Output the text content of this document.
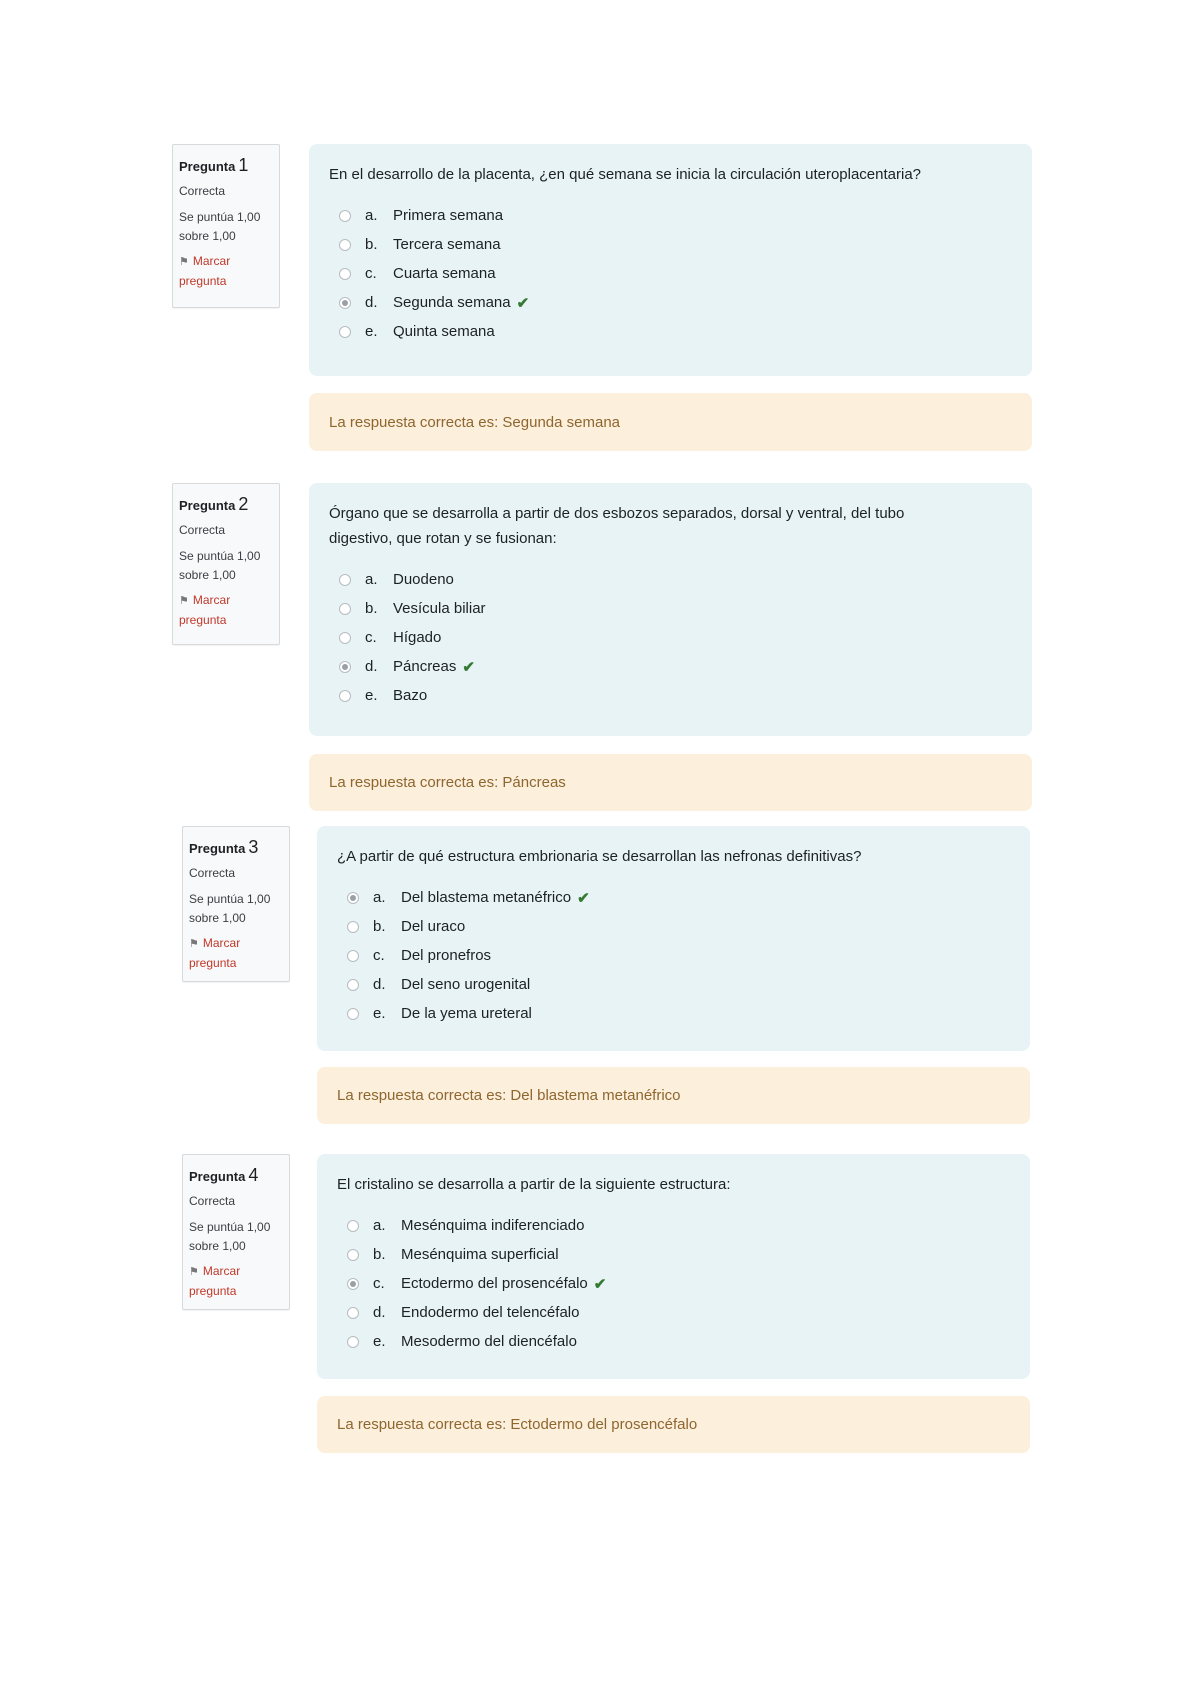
Pregunta 1
Correcta
Se puntúa 1,00
sobre 1,00
⚑ Marcar
pregunta
En el desarrollo de la placenta, ¿en qué semana se inicia la circulación uteroplacentaria?
a.	Primera semana
b.	Tercera semana
c.	Cuarta semana
d.	Segunda semana ✔
e.	Quinta semana
La respuesta correcta es: Segunda semana
Pregunta 2
Correcta
Se puntúa 1,00
sobre 1,00
⚑ Marcar
pregunta
Órgano que se desarrolla a partir de dos esbozos separados, dorsal y ventral, del tubo digestivo, que rotan y se fusionan:
a.	Duodeno
b.	Vesícula biliar
c.	Hígado
d.	Páncreas ✔
e.	Bazo
La respuesta correcta es: Páncreas
Pregunta 3
Correcta
Se puntúa 1,00
sobre 1,00
⚑ Marcar
pregunta
¿A partir de qué estructura embrionaria se desarrollan las nefronas definitivas?
a.	Del blastema metanéfrico ✔
b.	Del uraco
c.	Del pronefros
d.	Del seno urogenital
e.	De la yema ureteral
La respuesta correcta es: Del blastema metanéfrico
Pregunta 4
Correcta
Se puntúa 1,00
sobre 1,00
⚑ Marcar
pregunta
El cristalino se desarrolla a partir de la siguiente estructura:
a.	Mesénquima indiferenciado
b.	Mesénquima superficial
c.	Ectodermo del prosencéfalo ✔
d.	Endodermo del telencéfalo
e.	Mesodermo del diencéfalo
La respuesta correcta es: Ectodermo del prosencéfalo
